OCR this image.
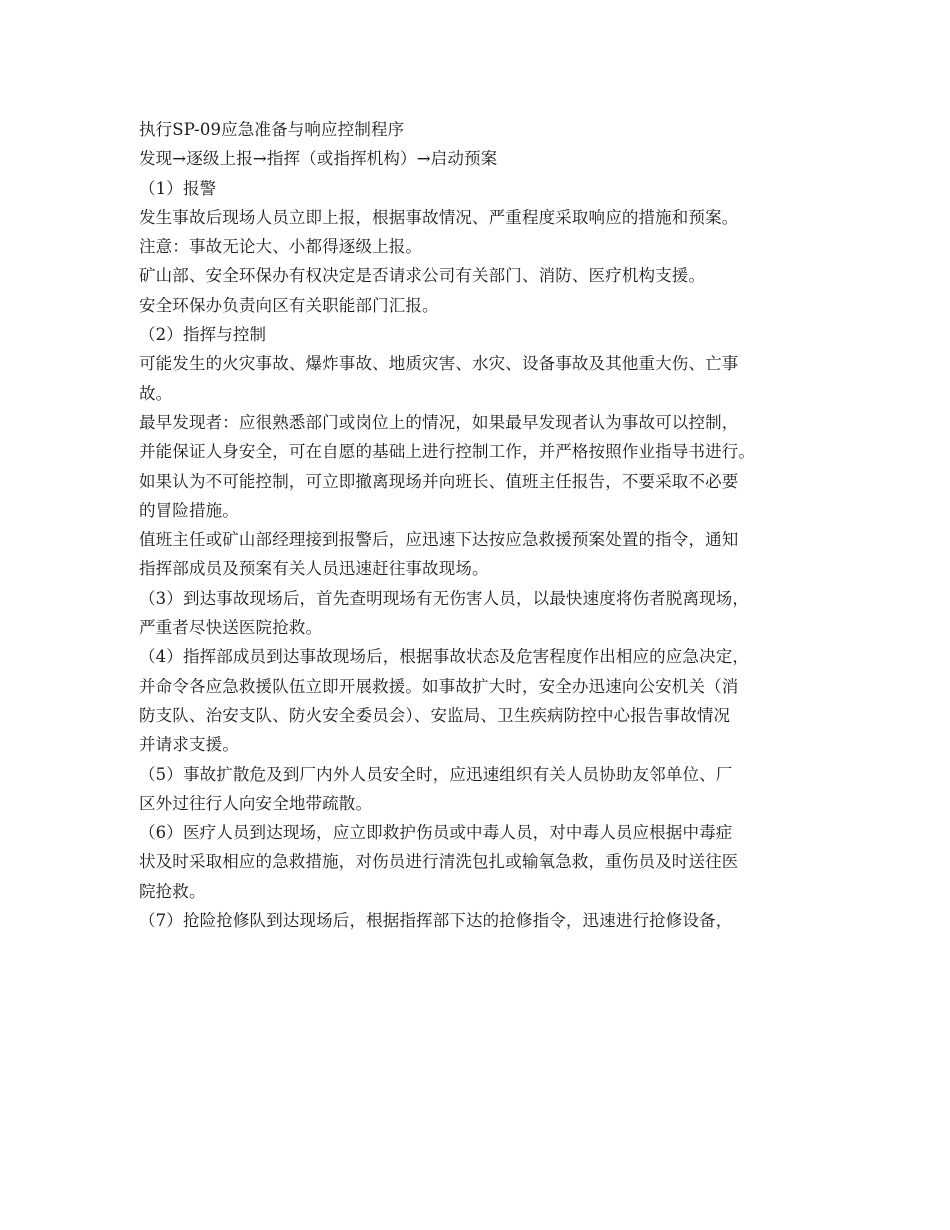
执行SP-09应急准备与响应控制程序
发现→逐级上报→指挥（或指挥机构）→启动预案
（1）报警
发生事故后现场人员立即上报，根据事故情况、严重程度采取响应的措施和预案。
注意：事故无论大、小都得逐级上报。
矿山部、安全环保办有权决定是否请求公司有关部门、消防、医疗机构支援。
安全环保办负责向区有关职能部门汇报。
（2）指挥与控制
可能发生的火灾事故、爆炸事故、地质灾害、水灾、设备事故及其他重大伤、亡事
故。
最早发现者：应很熟悉部门或岗位上的情况，如果最早发现者认为事故可以控制，
并能保证人身安全，可在自愿的基础上进行控制工作，并严格按照作业指导书进行。
如果认为不可能控制，可立即撤离现场并向班长、值班主任报告，不要采取不必要
的冒险措施。
值班主任或矿山部经理接到报警后，应迅速下达按应急救援预案处置的指令，通知
指挥部成员及预案有关人员迅速赶往事故现场。
（3）到达事故现场后，首先查明现场有无伤害人员，以最快速度将伤者脱离现场，
严重者尽快送医院抢救。
（4）指挥部成员到达事故现场后，根据事故状态及危害程度作出相应的应急决定，
并命令各应急救援队伍立即开展救援。如事故扩大时，安全办迅速向公安机关（消
防支队、治安支队、防火安全委员会）、安监局、卫生疾病防控中心报告事故情况
并请求支援。
（5）事故扩散危及到厂内外人员安全时，应迅速组织有关人员协助友邻单位、厂
区外过往行人向安全地带疏散。
（6）医疗人员到达现场，应立即救护伤员或中毒人员，对中毒人员应根据中毒症
状及时采取相应的急救措施，对伤员进行清洗包扎或输氧急救，重伤员及时送往医
院抢救。
（7）抢险抢修队到达现场后，根据指挥部下达的抢修指令，迅速进行抢修设备，
